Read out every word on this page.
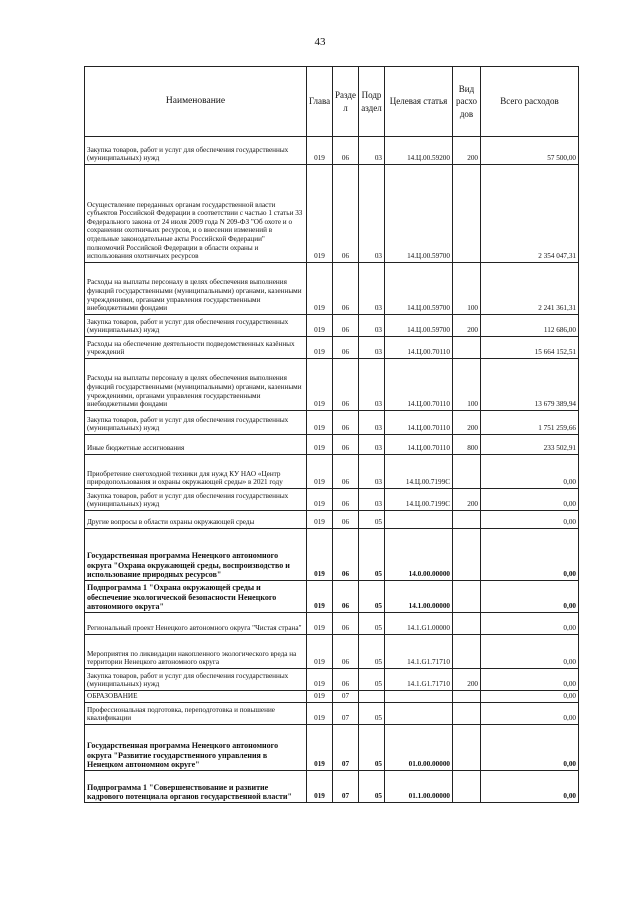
43
Наименование	Глава	Разде л	Подр аздел	Целевая статья	Вид расхо дов	Всего расходов
Закупка товаров, работ и услуг для обеспечения государственных (муниципальных) нужд	019	06	03	14.Ц.00.59200	200	57 500,00
Осуществление переданных органам государственной власти субъектов Российской Федерации в соответствии с частью 1 статьи 33 Федерального закона от 24 июля 2009 года N 209-ФЗ "Об охоте и о сохранении охотничьих ресурсов, и о внесении изменений в отдельные законодательные акты Российской Федерации" полномочий Российской Федерации в области охраны и использования охотничьих ресурсов	019	06	03	14.Ц.00.59700		2 354 047,31
Расходы на выплаты персоналу в целях обеспечения выполнения функций государственными (муниципальными) органами, казенными учреждениями, органами управления государственными внебюджетными фондами	019	06	03	14.Ц.00.59700	100	2 241 361,31
Закупка товаров, работ и услуг для обеспечения государственных (муниципальных) нужд	019	06	03	14.Ц.00.59700	200	112 686,00
Расходы на обеспечение деятельности подведомственных казённых учреждений	019	06	03	14.Ц.00.70110		15 664 152,51
Расходы на выплаты персоналу в целях обеспечения выполнения функций государственными (муниципальными) органами, казенными учреждениями, органами управления государственными внебюджетными фондами	019	06	03	14.Ц.00.70110	100	13 679 389,94
Закупка товаров, работ и услуг для обеспечения государственных (муниципальных) нужд	019	06	03	14.Ц.00.70110	200	1 751 259,66
Иные бюджетные ассигнования	019	06	03	14.Ц.00.70110	800	233 502,91
Приобретение снегоходной техники для нужд КУ НАО «Центр природопользования и охраны окружающей среды» в 2021 году	019	06	03	14.Ц.00.7199С		0,00
Закупка товаров, работ и услуг для обеспечения государственных (муниципальных) нужд	019	06	03	14.Ц.00.7199С	200	0,00
Другие вопросы в области охраны окружающей среды	019	06	05			0,00
Государственная программа Ненецкого автономного округа "Охрана окружающей среды, воспроизводство и использование природных ресурсов"	019	06	05	14.0.00.00000		0,00
Подпрограмма 1 "Охрана окружающей среды и обеспечение экологической безопасности Ненецкого автономного округа"	019	06	05	14.1.00.00000		0,00
Региональный проект Ненецкого автономного округа "Чистая страна"	019	06	05	14.1.G1.00000		0,00
Мероприятия по ликвидации накопленного экологического вреда на территории Ненецкого автономного округа	019	06	05	14.1.G1.71710		0,00
Закупка товаров, работ и услуг для обеспечения государственных (муниципальных) нужд	019	06	05	14.1.G1.71710	200	0,00
ОБРАЗОВАНИЕ	019	07				0,00
Профессиональная подготовка, переподготовка и повышение квалификации	019	07	05			0,00
Государственная программа Ненецкого автономного округа "Развитие государственного управления в Ненецком автономном округе"	019	07	05	01.0.00.00000		0,00
Подпрограмма 1 "Совершенствование и развитие кадрового потенциала органов государственной власти"	019	07	05	01.1.00.00000		0,00
